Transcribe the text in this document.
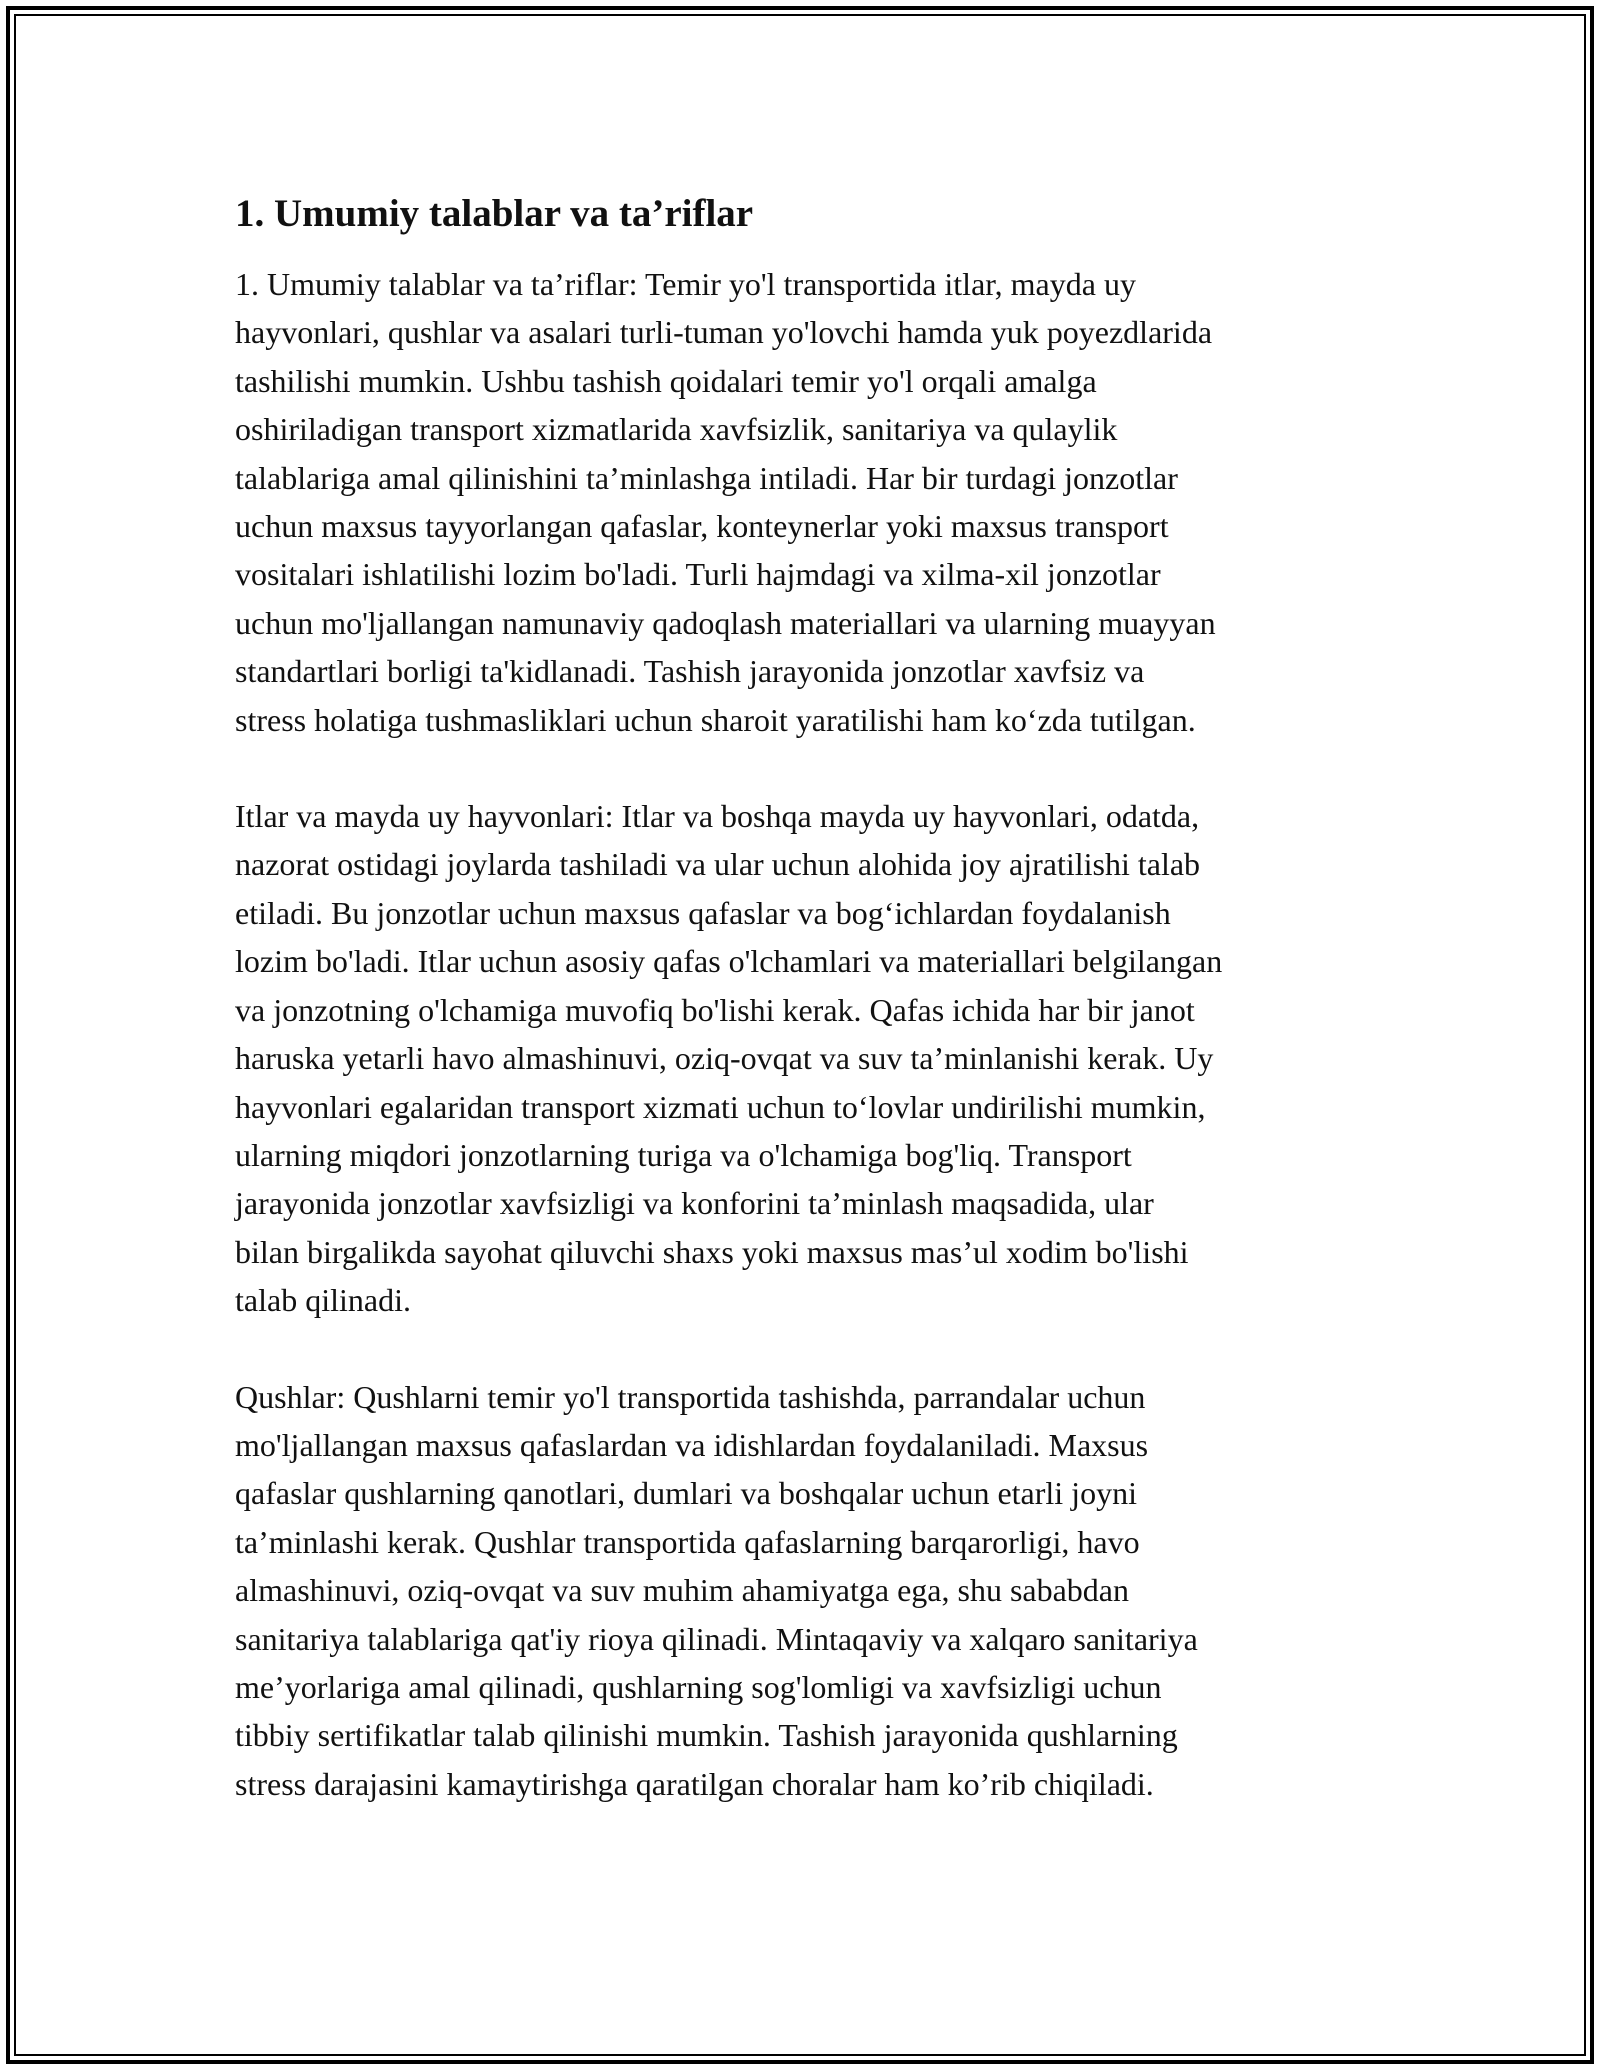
1. Umumiy talablar va ta’riflar

1. Umumiy talablar va ta’riflar: Temir yo'l transportida itlar, mayda uy
hayvonlari, qushlar va asalari turli-tuman yo'lovchi hamda yuk poyezdlarida
tashilishi mumkin. Ushbu tashish qoidalari temir yo'l orqali amalga
oshiriladigan transport xizmatlarida xavfsizlik, sanitariya va qulaylik
talablariga amal qilinishini ta’minlashga intiladi. Har bir turdagi jonzotlar
uchun maxsus tayyorlangan qafaslar, konteynerlar yoki maxsus transport
vositalari ishlatilishi lozim bo'ladi. Turli hajmdagi va xilma-xil jonzotlar
uchun mo'ljallangan namunaviy qadoqlash materiallari va ularning muayyan
standartlari borligi ta'kidlanadi. Tashish jarayonida jonzotlar xavfsiz va
stress holatiga tushmasliklari uchun sharoit yaratilishi ham ko‘zda tutilgan.

Itlar va mayda uy hayvonlari: Itlar va boshqa mayda uy hayvonlari, odatda,
nazorat ostidagi joylarda tashiladi va ular uchun alohida joy ajratilishi talab
etiladi. Bu jonzotlar uchun maxsus qafaslar va bog‘ichlardan foydalanish
lozim bo'ladi. Itlar uchun asosiy qafas o'lchamlari va materiallari belgilangan
va jonzotning o'lchamiga muvofiq bo'lishi kerak. Qafas ichida har bir janot
haruska yetarli havo almashinuvi, oziq-ovqat va suv ta’minlanishi kerak. Uy
hayvonlari egalaridan transport xizmati uchun to‘lovlar undirilishi mumkin,
ularning miqdori jonzotlarning turiga va o'lchamiga bog'liq. Transport
jarayonida jonzotlar xavfsizligi va konforini ta’minlash maqsadida, ular
bilan birgalikda sayohat qiluvchi shaxs yoki maxsus mas’ul xodim bo'lishi
talab qilinadi.

Qushlar: Qushlarni temir yo'l transportida tashishda, parrandalar uchun
mo'ljallangan maxsus qafaslardan va idishlardan foydalaniladi. Maxsus
qafaslar qushlarning qanotlari, dumlari va boshqalar uchun etarli joyni
ta’minlashi kerak. Qushlar transportida qafaslarning barqarorligi, havo
almashinuvi, oziq-ovqat va suv muhim ahamiyatga ega, shu sababdan
sanitariya talablariga qat'iy rioya qilinadi. Mintaqaviy va xalqaro sanitariya
me’yorlariga amal qilinadi, qushlarning sog'lomligi va xavfsizligi uchun
tibbiy sertifikatlar talab qilinishi mumkin. Tashish jarayonida qushlarning
stress darajasini kamaytirishga qaratilgan choralar ham ko’rib chiqiladi.
